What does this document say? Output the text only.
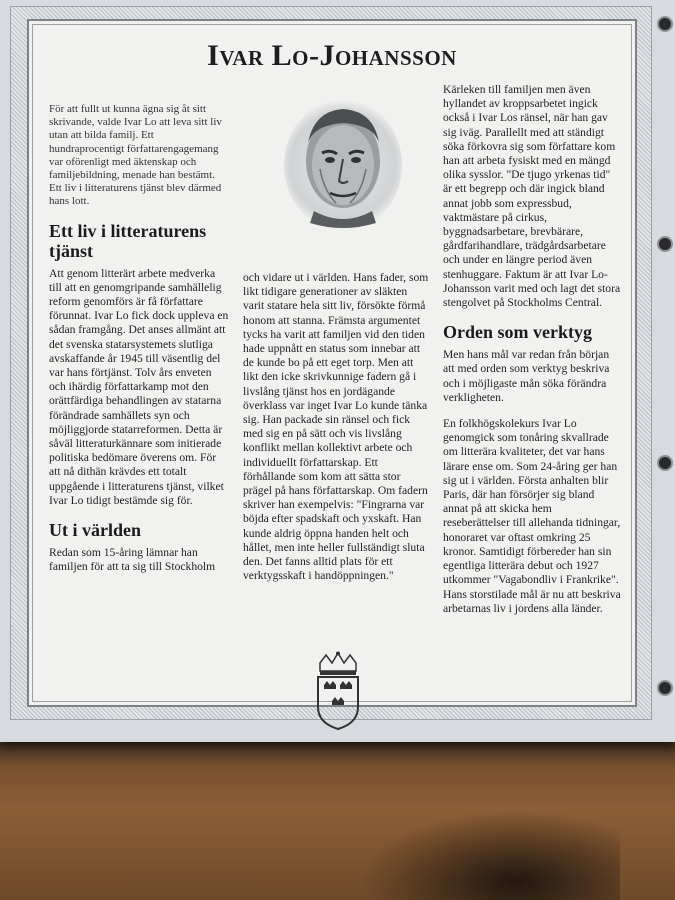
Ivar Lo-Johansson

För att fullt ut kunna ägna sig åt sitt skrivande, valde Ivar Lo att leva sitt liv utan att bilda familj. Ett hundraprocentigt författarengagemang var oförenligt med äktenskap och familjebildning, menade han bestämt. Ett liv i litteraturens tjänst blev därmed hans lott.

Ett liv i litteraturens tjänst

Att genom litterärt arbete medverka till att en genomgripande samhällelig reform genomförs är få författare förunnat. Ivar Lo fick dock uppleva en sådan framgång. Det anses allmänt att det svenska statarsystemets slutliga avskaffande år 1945 till väsentlig del var hans förtjänst. Tolv års enveten och ihärdig författarkamp mot den orättfärdiga behandlingen av statarna förändrade samhällets syn och möjliggjorde statarreformen. Detta är såväl litteraturkännare som initierade politiska bedömare överens om. För att nå dithän krävdes ett totalt uppgående i litteraturens tjänst, vilket Ivar Lo tidigt bestämde sig för.

Ut i världen

Redan som 15-åring lämnar han familjen för att ta sig till Stockholm

och vidare ut i världen. Hans fader, som likt tidigare generationer av släkten varit statare hela sitt liv, försökte förmå honom att stanna. Främsta argumentet tycks ha varit att familjen vid den tiden hade uppnått en status som innebar att de kunde bo på ett eget torp. Men att likt den icke skrivkunnige fadern gå i livslång tjänst hos en jordägande överklass var inget Ivar Lo kunde tänka sig. Han packade sin ränsel och fick med sig en på sätt och vis livslång konflikt mellan kollektivt arbete och individuellt författarskap. Ett förhållande som kom att sätta stor prägel på hans författarskap. Om fadern skriver han exempelvis: "Fingrarna var böjda efter spadskaft och yxskaft. Han kunde aldrig öppna handen helt och hållet, men inte heller fullständigt sluta den. Det fanns alltid plats för ett verktygsskaft i handöppningen."

Kärleken till familjen men även hyllandet av kroppsarbetet ingick också i Ivar Los ränsel, när han gav sig iväg. Parallellt med att ständigt söka förkovra sig som författare kom han att arbeta fysiskt med en mängd olika sysslor. "De tjugo yrkenas tid" är ett begrepp och där ingick bland annat jobb som expressbud, vaktmästare på cirkus, byggnadsarbetare, brevbärare, gårdfarihandlare, trädgårdsarbetare och under en längre period även stenhuggare. Faktum är att Ivar Lo-Johansson varit med och lagt det stora stengolvet på Stockholms Central.

Orden som verktyg

Men hans mål var redan från början att med orden som verktyg beskriva och i möjligaste mån söka förändra verkligheten.

En folkhögskolekurs Ivar Lo genomgick som tonåring skvallrade om litterära kvaliteter, det var hans lärare ense om. Som 24-åring ger han sig ut i världen. Första anhalten blir Paris, där han försörjer sig bland annat på att skicka hem reseberättelser till allehanda tidningar, honoraret var oftast omkring 25 kronor. Samtidigt förbereder han sin egentliga litterära debut och 1927 utkommer "Vagabondliv i Frankrike". Hans storstilade mål är nu att beskriva arbetarnas liv i jordens alla länder.
